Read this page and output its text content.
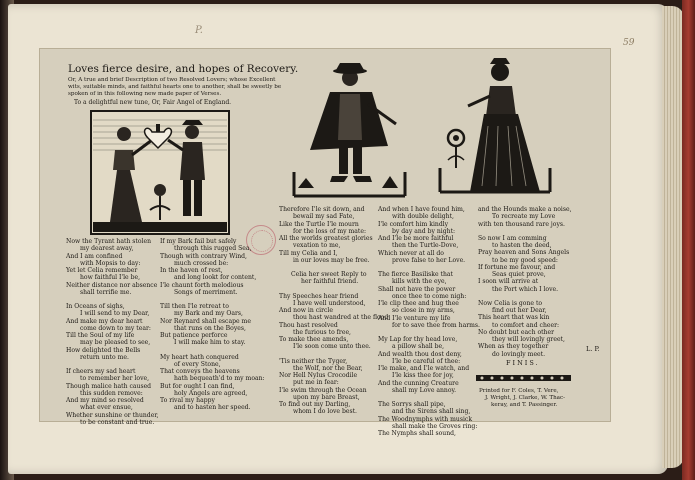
59
P.
Loves fierce desire, and hopes of Recovery.
Or, A true and brief Description of two Resolved Lovers; whose Excellent wits, suitable minds, and faithful hearts one to another, shall be sweetly be spoken of in this following new made paper of Verses.
To a delightful new tune, Or, Fair Angel of England.
Now the Tyrant hath stolen
my dearest away,
And I am confined
with Mopsis to day:
Yet let Celia remember
how faithful I'le be,
Neither distance nor absence
shall terrifie me.
In Oceans of sighs,
I will send to my Dear,
And make my dear heart
come down to my tear:
Till the Soul of my life
may be pleased to see,
How delighted the Bells
return unto me.
If cheers my sad heart
to remember her love,
Though malice hath caused
this sudden remove:
And my mind so resolved
what ever ensue,
Whether sunshine or thunder,
to be constant and true.
If my Bark fail but safely
through this rugged Sea,
Though with contrary Wind,
much crossed be:
In the haven of rest,
and long lookt for content,
I'le chaunt forth melodious
Songs of merriment.
Till then I'le retreat to
my Bark and my Oars,
Nor Reynard shall escape me
that runs on the Boyes,
But patience perforce
I will make him to stay.
My heart hath conquered
of every Stone,
That conveys the heavens
hath bequeath'd to my moan:
But for ought I can find,
holy Angels are agreed,
To rival my happy
and to hasten her speed.
Therefore I'le sit down, and
bewail my sad Fate,
Like the Turtle I'le mourn
for the loss of my mate:
All the worlds greatest glories
vexation to me,
Till my Celia and I,
in our loves may be free.
Celia her sweet Reply to
her faithful friend.
Thy Speeches hear friend
I have well understood,
And now in circle
thou hast wandred at the flood
Thou hast resolved
the furious to free,
To make thee amends,
I'le soon come unto thee.
'Tis neither the Tyger,
the Wolf, nor the Bear,
Nor Hell Nylus Crocodile
put me in fear:
I'le swim through the Ocean
upon my bare Breast,
To find out my Darling,
whom I do love best.
And when I have found him,
with double delight,
I'le comfort him kindly
by day and by night:
And I'le be more faithful
then the Turtle-Dove,
Which never at all do
prove false to her Love.
The fierce Basiliske that
kills with the eye,
Shall not have the power
once thee to come nigh:
I'le clip thee and hug thee
so close in my arms,
And I'le venture my life
for to save thee from harms.
My Lap for thy head love,
a pillow shall be,
And wealth thou dost deny,
I'le be careful of thee:
I'le make, and I'le watch, and
I'le kiss thee for joy,
And the cunning Creature
shall my Love annoy.
The Sorrys shall pipe,
and the Sirens shall sing,
The Woodnymphs with musick
shall make the Groves ring:
The Nymphs shall sound,
and the Hounds make a noise,
To recreate my Love
with ten thousand rare joys.
So now I am comming
to hasten the deed,
Pray heaven and Sons Angels
to be my good speed:
If fortune me favour, and
Seas quiet prove,
I soon will arrive at
the Port which I love.
Now Celia is gone to
find out her Dear,
This heart that was kin
to comfort and cheer:
No doubt but each other
they will lovingly greet,
When as they together
do lovingly meet.
L. P.
FINIS.
Printed for F. Coles, T. Vere,
J. Wright, J. Clarke, W. Thac-
keray, and T. Passinger.
